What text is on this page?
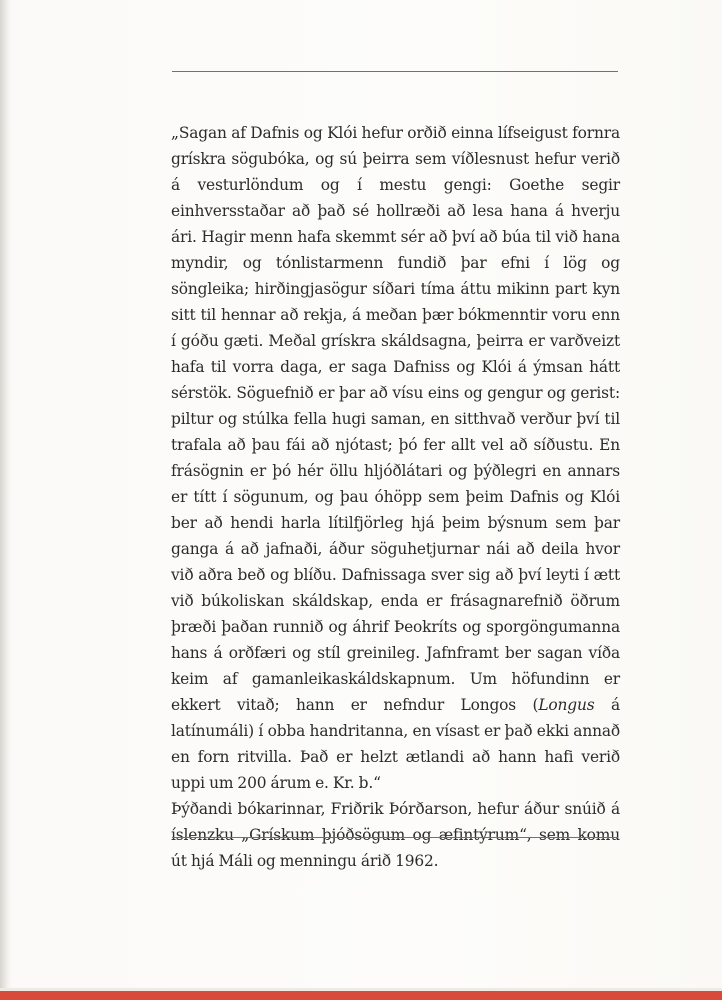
„Sagan af Dafnis og Klói hefur orðið einna lífseigust fornra grískra sögubóka, og sú þeirra sem víðlesnust hefur verið á vesturlöndum og í mestu gengi: Goethe segir einhversstaðar að það sé hollræði að lesa hana á hverju ári. Hagir menn hafa skemmt sér að því að búa til við hana myndir, og tónlistarmenn fundið þar efni í lög og söngleika; hirðingjasögur síðari tíma áttu mikinn part kyn sitt til hennar að rekja, á meðan þær bókmenntir voru enn í góðu gæti. Meðal grískra skáldsagna, þeirra er varðveizt hafa til vorra daga, er saga Dafniss og Klói á ýmsan hátt sérstök. Söguefnið er þar að vísu eins og gengur og gerist: piltur og stúlka fella hugi saman, en sitthvað verður því til trafala að þau fái að njótast; þó fer allt vel að síðustu. En frásögnin er þó hér öllu hljóðlátari og þýðlegri en annars er títt í sögunum, og þau óhöpp sem þeim Dafnis og Klói ber að hendi harla lítilfjörleg hjá þeim býsnum sem þar ganga á að jafnaði, áður söguhetjurnar nái að deila hvor við aðra beð og blíðu. Dafnissaga sver sig að því leyti í ætt við búkoliskan skáldskap, enda er frásagnarefnið öðrum þræði þaðan runnið og áhrif Þeokríts og sporgöngumanna hans á orðfæri og stíl greinileg. Jafnframt ber sagan víða keim af gamanleikaskáldskapnum. Um höfundinn er ekkert vitað; hann er nefndur Longos (Longus á latínumáli) í obba handritanna, en vísast er það ekki annað en forn ritvilla. Það er helzt ætlandi að hann hafi verið uppi um 200 árum e. Kr. b.“

Þýðandi bókarinnar, Friðrik Þórðarson, hefur áður snúið á íslenzku „Grískum þjóðsögum og æfintýrum“, sem komu út hjá Máli og menningu árið 1962.
